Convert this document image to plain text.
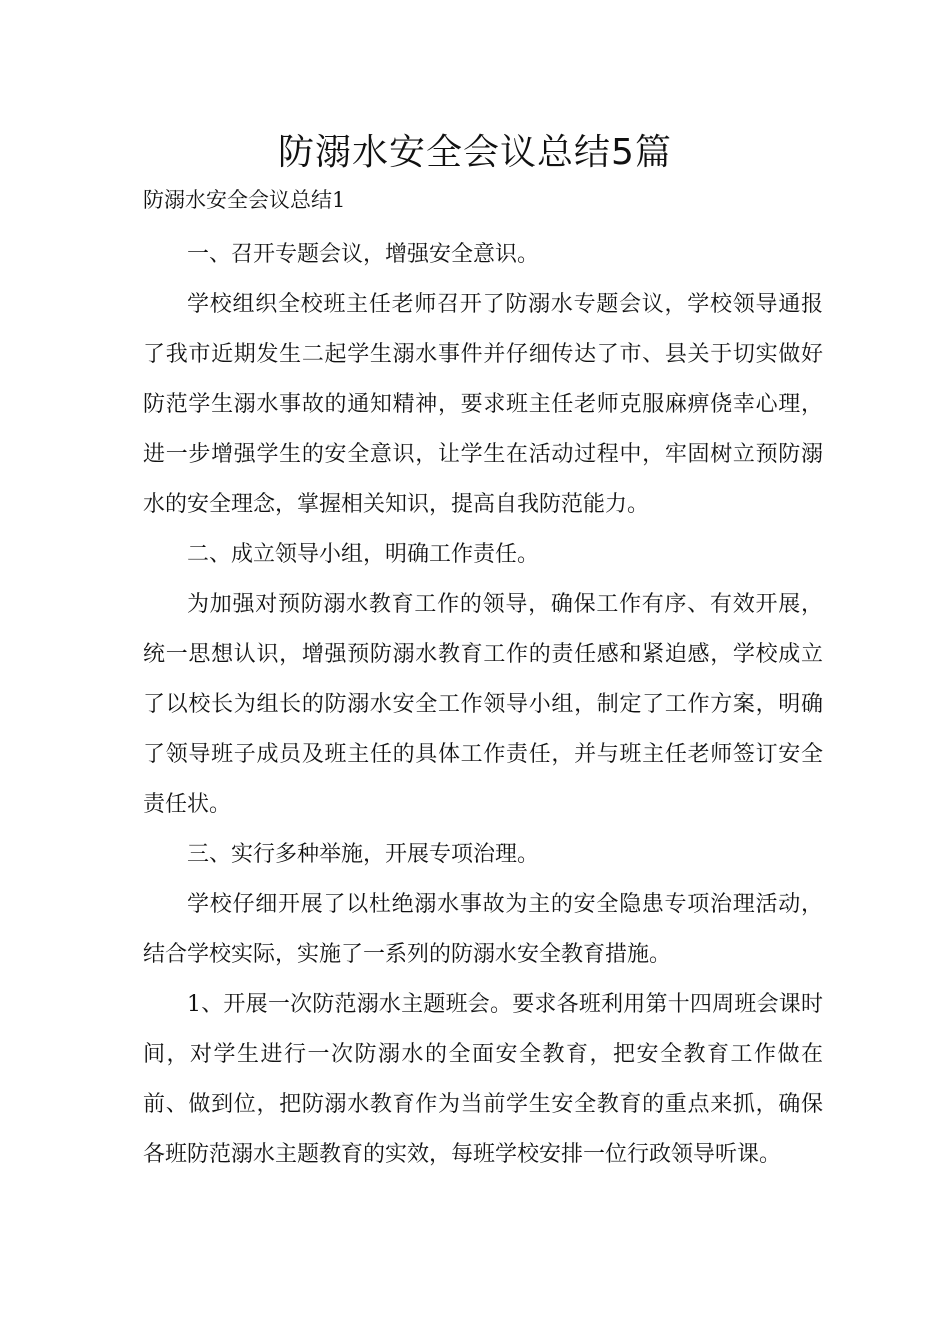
防溺水安全会议总结5篇
防溺水安全会议总结1

一、召开专题会议，增强安全意识。

学校组织全校班主任老师召开了防溺水专题会议，学校领导通报了我市近期发生二起学生溺水事件并仔细传达了市、县关于切实做好防范学生溺水事故的通知精神，要求班主任老师克服麻痹侥幸心理，进一步增强学生的安全意识，让学生在活动过程中，牢固树立预防溺水的安全理念，掌握相关知识，提高自我防范能力。

二、成立领导小组，明确工作责任。

为加强对预防溺水教育工作的领导，确保工作有序、有效开展，统一思想认识，增强预防溺水教育工作的责任感和紧迫感，学校成立了以校长为组长的防溺水安全工作领导小组，制定了工作方案，明确了领导班子成员及班主任的具体工作责任，并与班主任老师签订安全责任状。

三、实行多种举施，开展专项治理。

学校仔细开展了以杜绝溺水事故为主的安全隐患专项治理活动，结合学校实际，实施了一系列的防溺水安全教育措施。

1、开展一次防范溺水主题班会。要求各班利用第十四周班会课时间，对学生进行一次防溺水的全面安全教育，把安全教育工作做在前、做到位，把防溺水教育作为当前学生安全教育的重点来抓，确保各班防范溺水主题教育的实效，每班学校安排一位行政领导听课。
